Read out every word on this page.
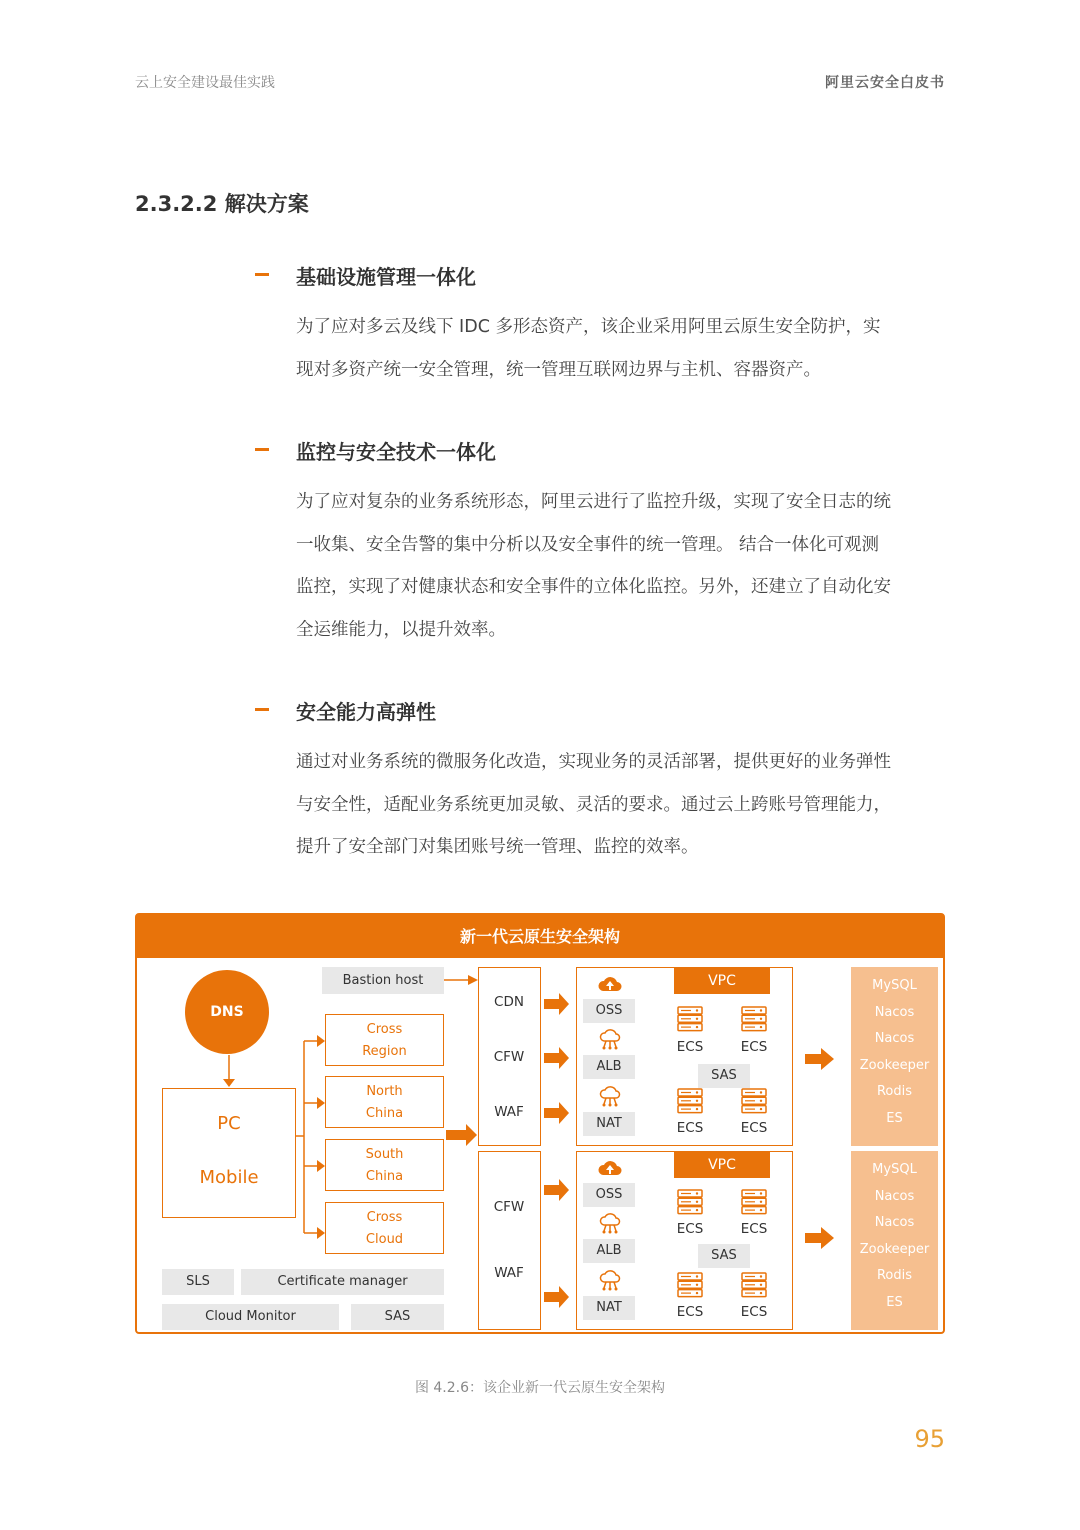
云上安全建设最佳实践	阿里云安全白皮书
2.3.2.2 解决方案
基础设施管理一体化
为了应对多云及线下 IDC 多形态资产，该企业采用阿里云原生安全防护，实
现对多资产统一安全管理，统一管理互联网边界与主机、容器资产。
监控与安全技术一体化
为了应对复杂的业务系统形态，阿里云进行了监控升级，实现了安全日志的统
一收集、安全告警的集中分析以及安全事件的统一管理。 结合一体化可观测
监控，实现了对健康状态和安全事件的立体化监控。另外，还建立了自动化安
全运维能力，以提升效率。
安全能力高弹性
通过对业务系统的微服务化改造，实现业务的灵活部署，提供更好的业务弹性
与安全性，适配业务系统更加灵敏、灵活的要求。通过云上跨账号管理能力，
提升了安全部门对集团账号统一管理、监控的效率。
新一代云原生安全架构
DNS
PC
Mobile
Bastion host
Cross
Region
North
China
South
China
Cross
Cloud
SLS	Certificate manager
Cloud Monitor	SAS
CDN
CFW
WAF
CFW
WAF
MySQL
Nacos
Nacos
Zookeeper
Rodis
ES
MySQL
Nacos
Nacos
Zookeeper
Rodis
ES
VPC
OSS
ALB
NAT
ECS
ECS
ECS
ECS
SAS
VPC
OSS
ALB
NAT
ECS
ECS
ECS
ECS
SAS
图 4.2.6：该企业新一代云原生安全架构
95
